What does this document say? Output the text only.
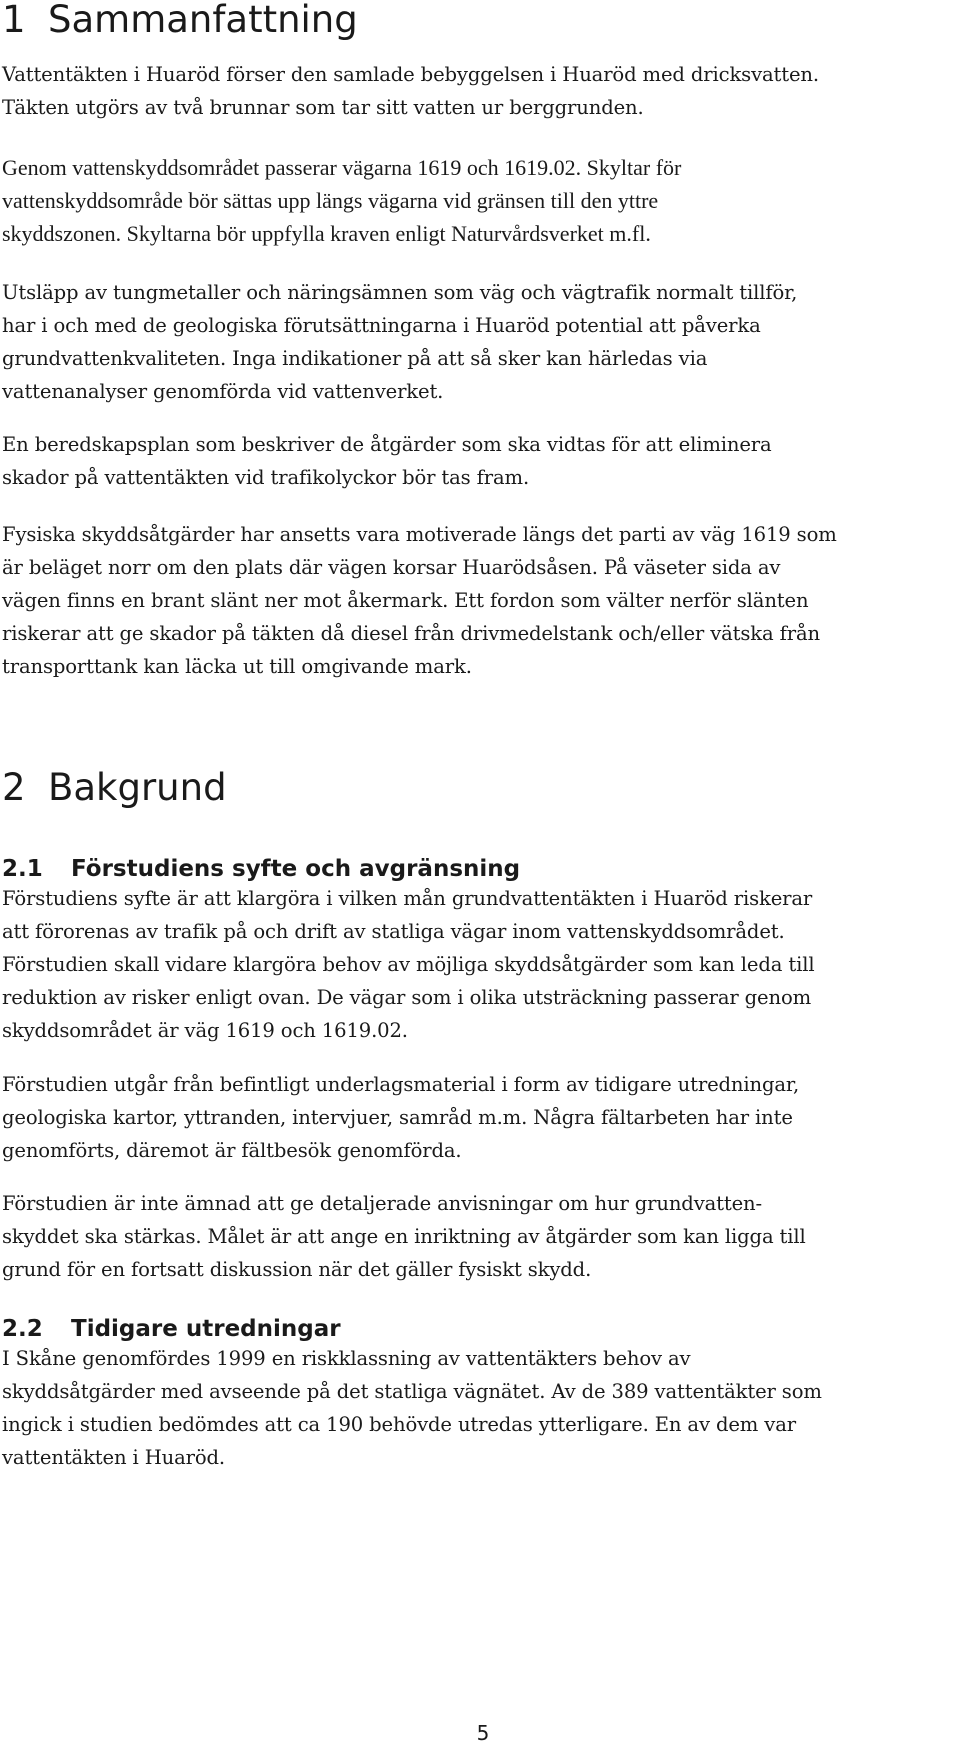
1 Sammanfattning

Vattentäkten i Huaröd förser den samlade bebyggelsen i Huaröd med dricksvatten.
Täkten utgörs av två brunnar som tar sitt vatten ur berggrunden.

Genom vattenskyddsområdet passerar vägarna 1619 och 1619.02. Skyltar för
vattenskyddsområde bör sättas upp längs vägarna vid gränsen till den yttre
skyddszonen. Skyltarna bör uppfylla kraven enligt Naturvårdsverket m.fl.

Utsläpp av tungmetaller och näringsämnen som väg och vägtrafik normalt tillför,
har i och med de geologiska förutsättningarna i Huaröd potential att påverka
grundvattenkvaliteten. Inga indikationer på att så sker kan härledas via
vattenanalyser genomförda vid vattenverket.

En beredskapsplan som beskriver de åtgärder som ska vidtas för att eliminera
skador på vattentäkten vid trafikolyckor bör tas fram.

Fysiska skyddsåtgärder har ansetts vara motiverade längs det parti av väg 1619 som
är beläget norr om den plats där vägen korsar Huarödsåsen. På väseter sida av
vägen finns en brant slänt ner mot åkermark. Ett fordon som välter nerför slänten
riskerar att ge skador på täkten då diesel från drivmedelstank och/eller vätska från
transporttank kan läcka ut till omgivande mark.

2 Bakgrund
2.1 Förstudiens syfte och avgränsning

Förstudiens syfte är att klargöra i vilken mån grundvattentäkten i Huaröd riskerar
att förorenas av trafik på och drift av statliga vägar inom vattenskyddsområdet.
Förstudien skall vidare klargöra behov av möjliga skyddsåtgärder som kan leda till
reduktion av risker enligt ovan. De vägar som i olika utsträckning passerar genom
skyddsområdet är väg 1619 och 1619.02.

Förstudien utgår från befintligt underlagsmaterial i form av tidigare utredningar,
geologiska kartor, yttranden, intervjuer, samråd m.m. Några fältarbeten har inte
genomförts, däremot är fältbesök genomförda.

Förstudien är inte ämnad att ge detaljerade anvisningar om hur grundvatten-
skyddet ska stärkas. Målet är att ange en inriktning av åtgärder som kan ligga till
grund för en fortsatt diskussion när det gäller fysiskt skydd.

2.2 Tidigare utredningar

I Skåne genomfördes 1999 en riskklassning av vattentäkters behov av
skyddsåtgärder med avseende på det statliga vägnätet. Av de 389 vattentäkter som
ingick i studien bedömdes att ca 190 behövde utredas ytterligare. En av dem var
vattentäkten i Huaröd.

5
